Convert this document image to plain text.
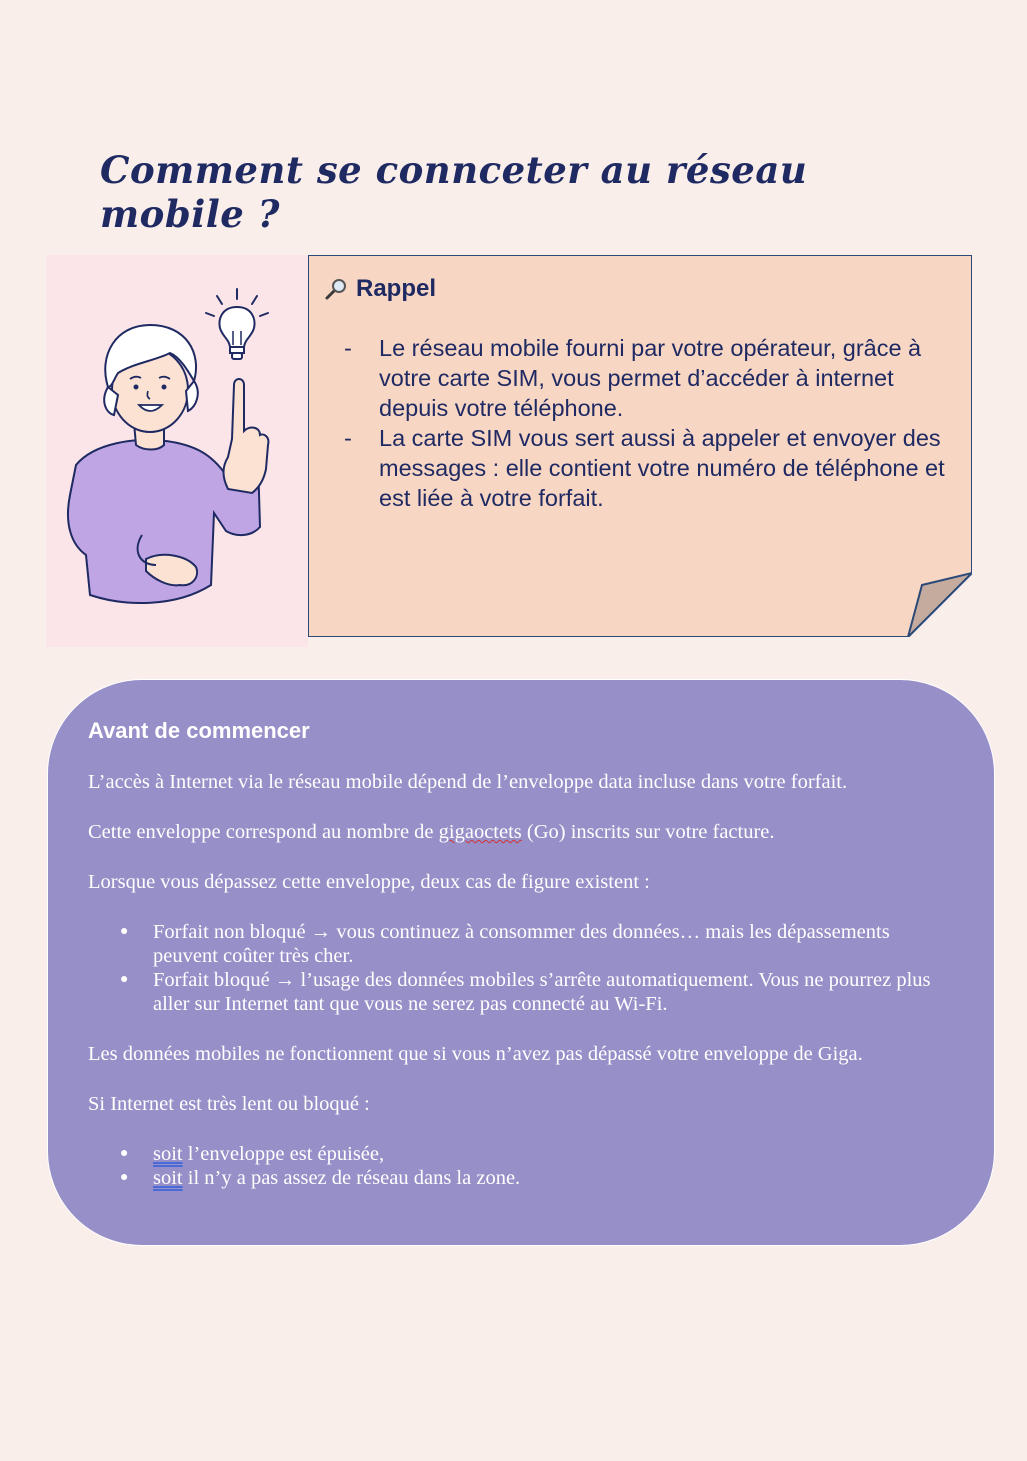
Comment se connceter au réseau mobile ?
Rappel
- Le réseau mobile fourni par votre opérateur, grâce à votre carte SIM, vous permet d’accéder à internet depuis votre téléphone.
- La carte SIM vous sert aussi à appeler et envoyer des messages : elle contient votre numéro de téléphone et est liée à votre forfait.
Avant de commencer

L’accès à Internet via le réseau mobile dépend de l’enveloppe data incluse dans votre forfait.

Cette enveloppe correspond au nombre de gigaoctets (Go) inscrits sur votre facture.

Lorsque vous dépassez cette enveloppe, deux cas de figure existent :

● Forfait non bloqué → vous continuez à consommer des données… mais les dépassements peuvent coûter très cher.
● Forfait bloqué → l’usage des données mobiles s’arrête automatiquement. Vous ne pourrez plus aller sur Internet tant que vous ne serez pas connecté au Wi-Fi.

Les données mobiles ne fonctionnent que si vous n’avez pas dépassé votre enveloppe de Giga.

Si Internet est très lent ou bloqué :

● soit l’enveloppe est épuisée,
● soit il n’y a pas assez de réseau dans la zone.
